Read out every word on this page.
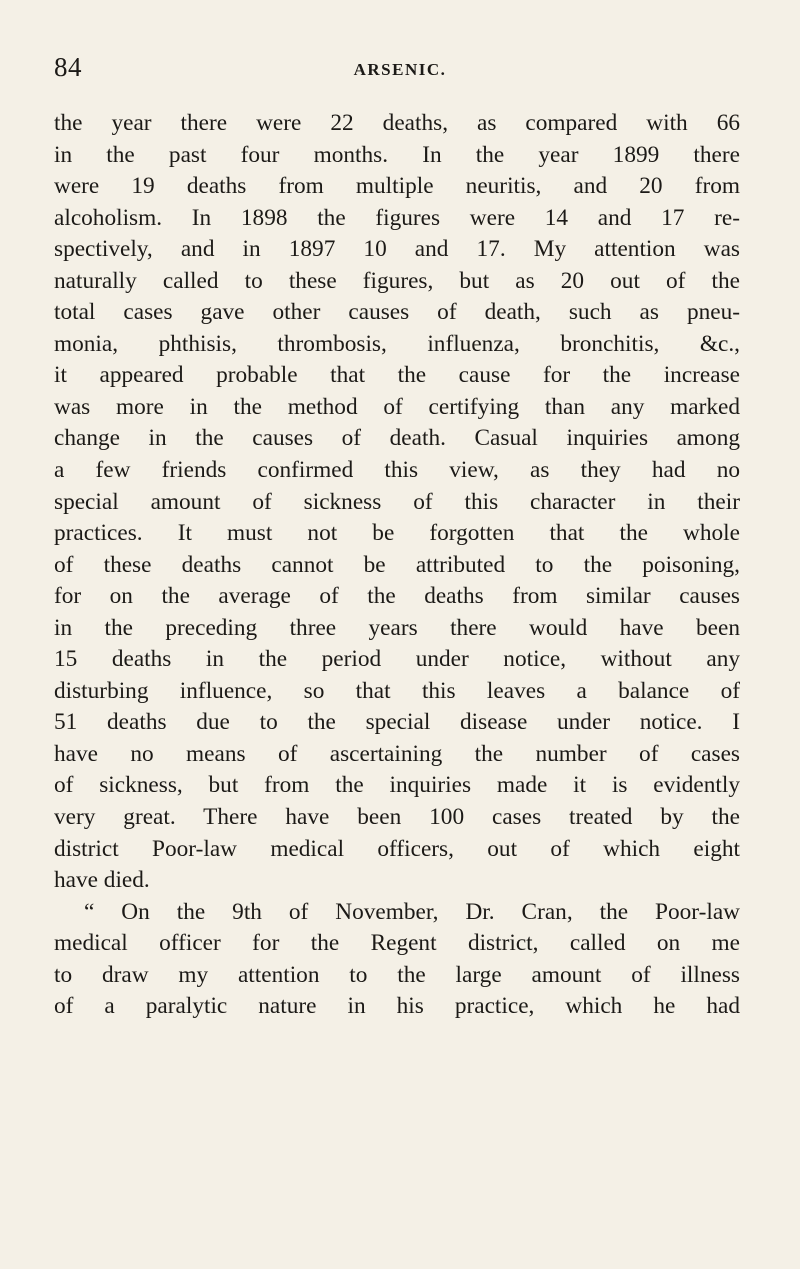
84	ARSENIC.
the year there were 22 deaths, as compared with 66
in the past four months. In the year 1899 there
were 19 deaths from multiple neuritis, and 20 from
alcoholism. In 1898 the figures were 14 and 17 re-
spectively, and in 1897 10 and 17. My attention was
naturally called to these figures, but as 20 out of the
total cases gave other causes of death, such as pneu-
monia, phthisis, thrombosis, influenza, bronchitis, &c.,
it appeared probable that the cause for the increase
was more in the method of certifying than any marked
change in the causes of death. Casual inquiries among
a few friends confirmed this view, as they had no
special amount of sickness of this character in their
practices. It must not be forgotten that the whole
of these deaths cannot be attributed to the poisoning,
for on the average of the deaths from similar causes
in the preceding three years there would have been
15 deaths in the period under notice, without any
disturbing influence, so that this leaves a balance of
51 deaths due to the special disease under notice. I
have no means of ascertaining the number of cases
of sickness, but from the inquiries made it is evidently
very great. There have been 100 cases treated by the
district Poor-law medical officers, out of which eight
have died.
“ On the 9th of November, Dr. Cran, the Poor-law
medical officer for the Regent district, called on me
to draw my attention to the large amount of illness
of a paralytic nature in his practice, which he had
